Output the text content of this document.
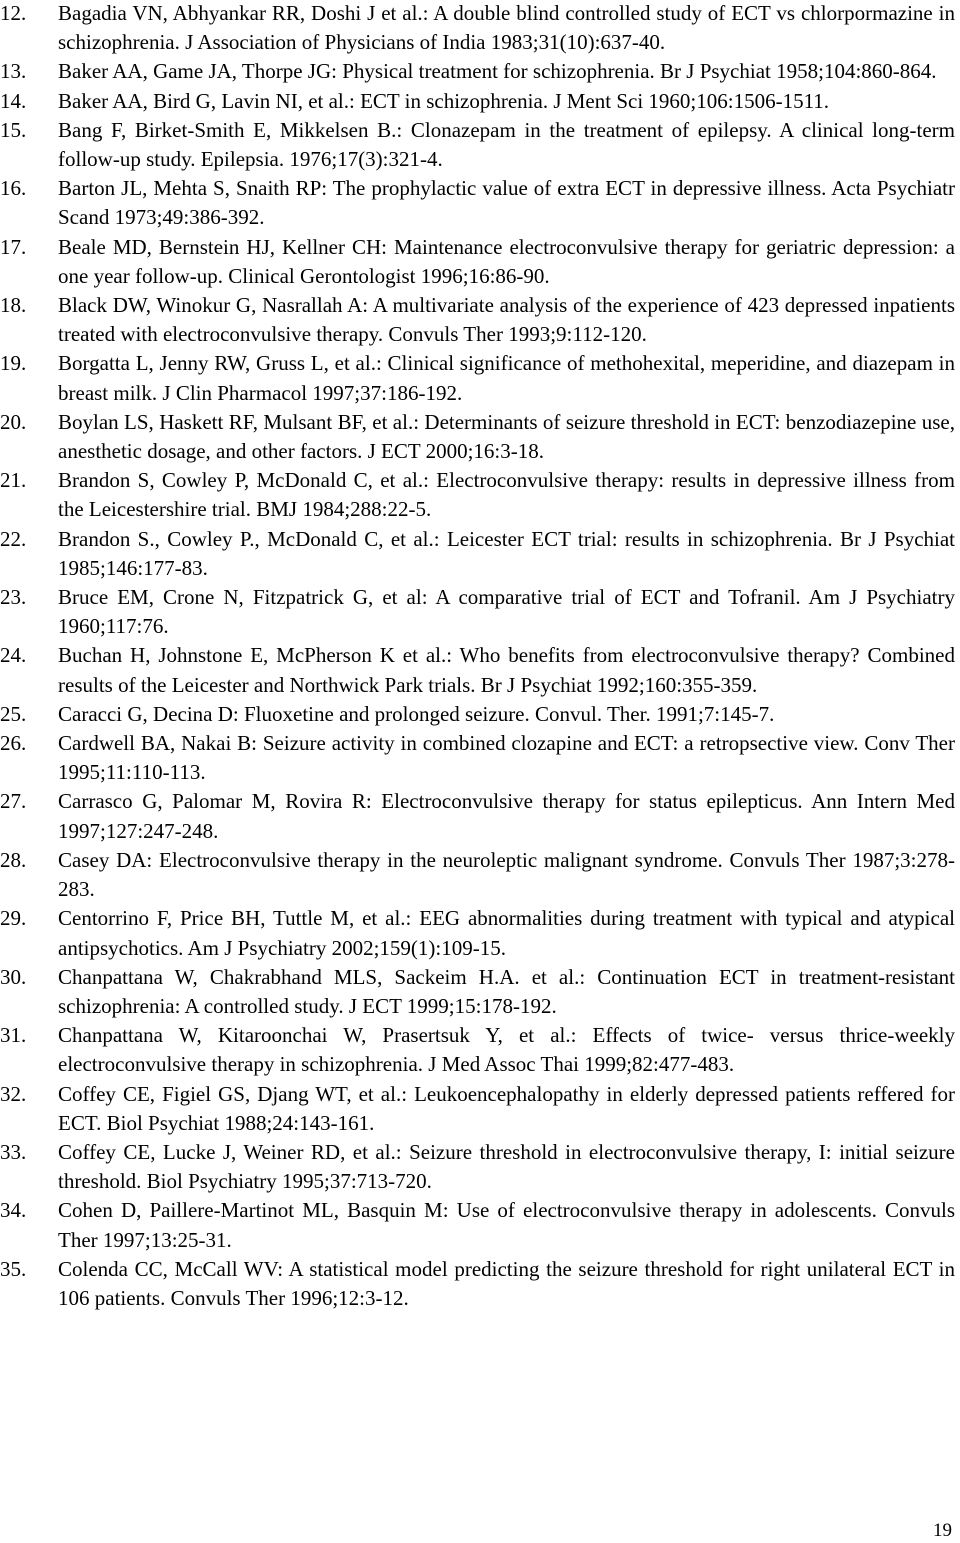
12.	Bagadia VN, Abhyankar RR, Doshi J et al.: A double blind controlled study of ECT vs chlorpormazine in schizophrenia. J Association of Physicians of India 1983;31(10):637-40.
13.	Baker AA, Game JA, Thorpe JG: Physical treatment for schizophrenia. Br J Psychiat 1958;104:860-864.
14.	Baker AA, Bird G, Lavin NI, et al.: ECT in schizophrenia. J Ment Sci 1960;106:1506-1511.
15.	Bang F, Birket-Smith E, Mikkelsen B.: Clonazepam in the treatment of epilepsy. A clinical long-term follow-up study. Epilepsia. 1976;17(3):321-4.
16.	Barton JL, Mehta S, Snaith RP: The prophylactic value of extra ECT in depressive illness. Acta Psychiatr Scand 1973;49:386-392.
17.	Beale MD, Bernstein HJ, Kellner CH: Maintenance electroconvulsive therapy for geriatric depression: a one year follow-up. Clinical Gerontologist 1996;16:86-90.
18.	Black DW, Winokur G, Nasrallah A: A multivariate analysis of the experience of 423 depressed inpatients treated with electroconvulsive therapy. Convuls Ther 1993;9:112-120.
19.	Borgatta L, Jenny RW, Gruss L, et al.: Clinical significance of methohexital, meperidine, and diazepam in breast milk. J Clin Pharmacol 1997;37:186-192.
20.	Boylan LS, Haskett RF, Mulsant BF, et al.: Determinants of seizure threshold in ECT: benzodiazepine use, anesthetic dosage, and other factors. J ECT 2000;16:3-18.
21.	Brandon S, Cowley P, McDonald C, et al.: Electroconvulsive therapy: results in depressive illness from the Leicestershire trial. BMJ 1984;288:22-5.
22.	Brandon S., Cowley P., McDonald C, et al.: Leicester ECT trial: results in schizophrenia. Br J Psychiat 1985;146:177-83.
23.	Bruce EM, Crone N, Fitzpatrick G, et al: A comparative trial of ECT and Tofranil. Am J Psychiatry 1960;117:76.
24.	Buchan H, Johnstone E, McPherson K et al.: Who benefits from electroconvulsive therapy? Combined results of the Leicester and Northwick Park trials. Br J Psychiat 1992;160:355-359.
25.	Caracci G, Decina D: Fluoxetine and prolonged seizure. Convul. Ther. 1991;7:145-7.
26.	Cardwell BA, Nakai B: Seizure activity in combined clozapine and ECT: a retropsective view. Conv Ther 1995;11:110-113.
27.	Carrasco G, Palomar M, Rovira R: Electroconvulsive therapy for status epilepticus. Ann Intern Med 1997;127:247-248.
28.	Casey DA: Electroconvulsive therapy in the neuroleptic malignant syndrome. Convuls Ther 1987;3:278-283.
29.	Centorrino F, Price BH, Tuttle M, et al.: EEG abnormalities during treatment with typical and atypical antipsychotics. Am J Psychiatry 2002;159(1):109-15.
30.	Chanpattana W, Chakrabhand MLS, Sackeim H.A. et al.: Continuation ECT in treatment-resistant schizophrenia: A controlled study. J ECT 1999;15:178-192.
31.	Chanpattana W, Kitaroonchai W, Prasertsuk Y, et al.: Effects of twice- versus thrice-weekly electroconvulsive therapy in schizophrenia. J Med Assoc Thai 1999;82:477-483.
32.	Coffey CE, Figiel GS, Djang WT, et al.: Leukoencephalopathy in elderly depressed patients reffered for ECT. Biol Psychiat 1988;24:143-161.
33.	Coffey CE, Lucke J, Weiner RD, et al.: Seizure threshold in electroconvulsive therapy, I: initial seizure threshold. Biol Psychiatry 1995;37:713-720.
34.	Cohen D, Paillere-Martinot ML, Basquin M: Use of electroconvulsive therapy in adolescents. Convuls Ther 1997;13:25-31.
35.	Colenda CC, McCall WV: A statistical model predicting the seizure threshold for right unilateral ECT in 106 patients. Convuls Ther 1996;12:3-12.
19
